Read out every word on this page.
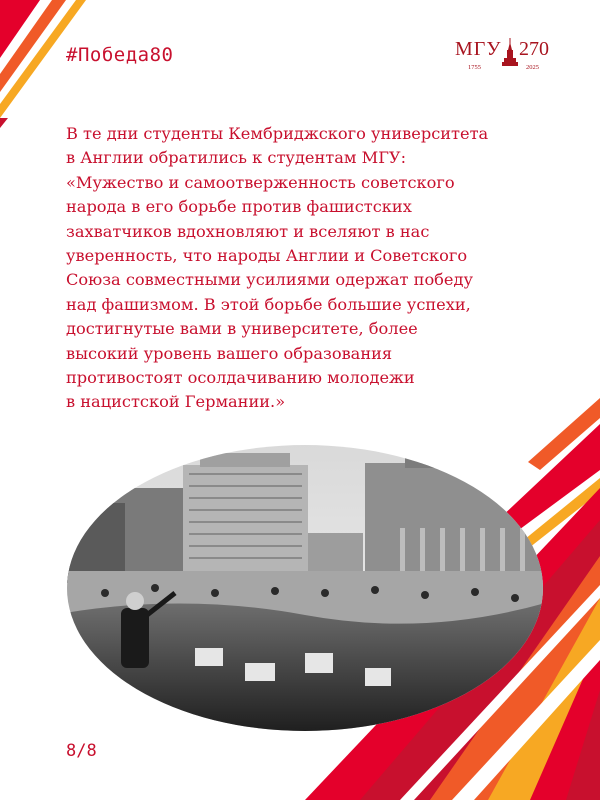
#Победа80	МГУ 270
1755	2025
В те дни студенты Кембриджского университета
в Англии обратились к студентам МГУ:
«Мужество и самоотверженность советского
народа в его борьбе против фашистских
захватчиков вдохновляют и вселяют в нас
уверенность, что народы Англии и Советского
Союза совместными усилиями одержат победу
над фашизмом. В этой борьбе большие успехи,
достигнутые вами в университете, более
высокий уровень вашего образования
противостоят осолдачиванию молодежи
в нацистской Германии.»
8/8
